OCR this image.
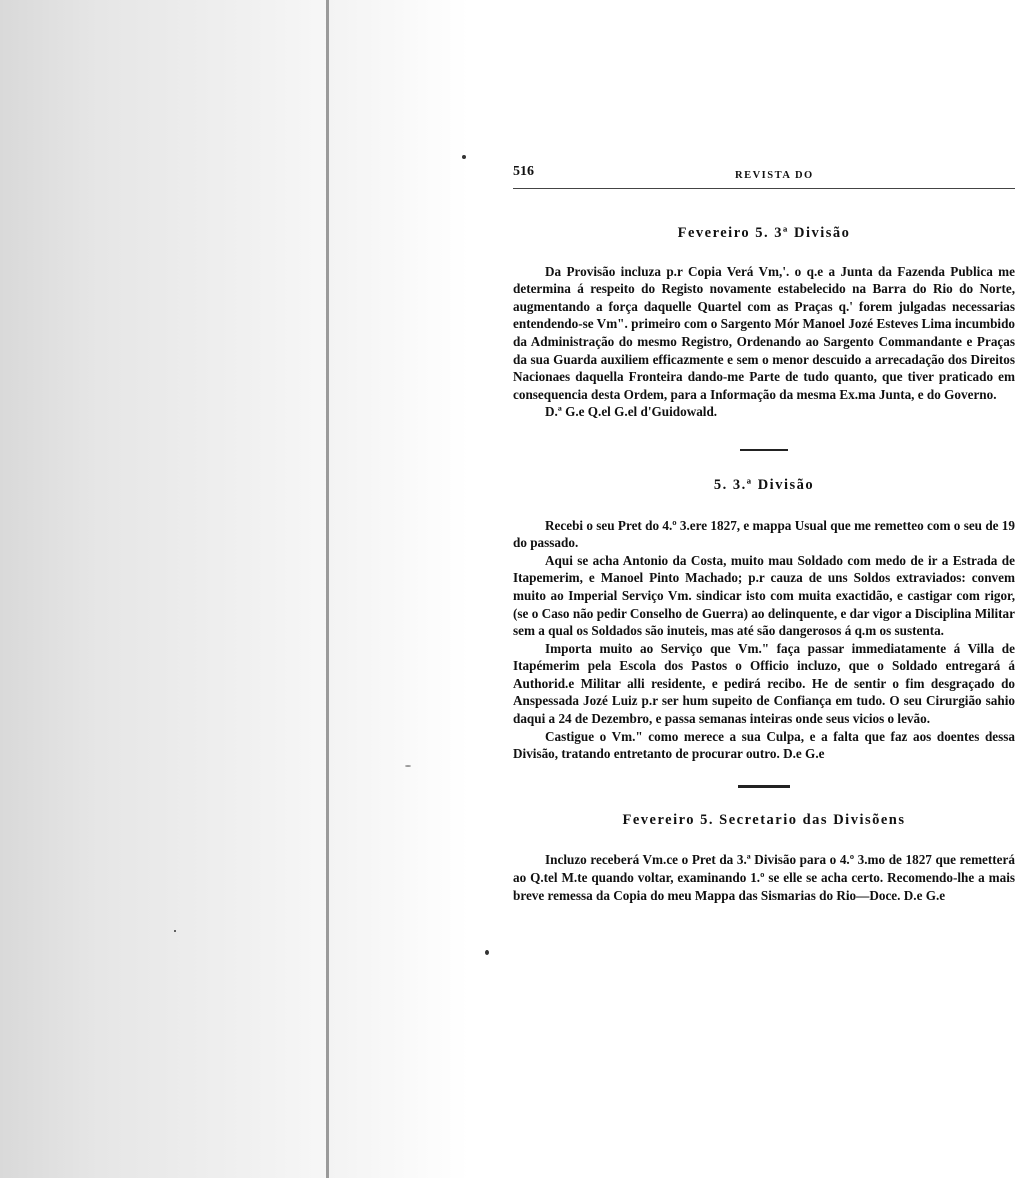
516	REVISTA DO
Fevereiro 5. 3ª Divisão

Da Provisão incluza p.r Copia Verá Vm,'. o q.e a Junta da Fazenda Publica me determina á respeito do Registo novamente estabelecido na Barra do Rio do Norte, augmentando a força daquelle Quartel com as Praças q.' forem julgadas necessarias entendendo-se Vm". primeiro com o Sargento Mór Manoel Jozé Esteves Lima incumbido da Administração do mesmo Registro, Ordenando ao Sargento Commandante e Praças da sua Guarda auxiliem efficazmente e sem o menor descuido a arrecadação dos Direitos Nacionaes daquella Fronteira dando-me Parte de tudo quanto, que tiver praticado em consequencia desta Ordem, para a Informação da mesma Ex.ma Junta, e do Governo.

D.ª G.e Q.el G.el d'Guidowald.

5. 3.ª Divisão

Recebi o seu Pret do 4.º 3.ere 1827, e mappa Usual que me remetteo com o seu de 19 do passado.

Aqui se acha Antonio da Costa, muito mau Soldado com medo de ir a Estrada de Itapemerim, e Manoel Pinto Machado; p.r cauza de uns Soldos extraviados: convem muito ao Imperial Serviço Vm. sindicar isto com muita exactidão, e castigar com rigor, (se o Caso não pedir Conselho de Guerra) ao delinquente, e dar vigor a Disciplina Militar sem a qual os Soldados são inuteis, mas até são dangerosos á q.m os sustenta.

Importa muito ao Serviço que Vm." faça passar immediatamente á Villa de Itapémerim pela Escola dos Pastos o Officio incluzo, que o Soldado entregará á Authorid.e Militar alli residente, e pedirá recibo. He de sentir o fim desgraçado do Anspessada Jozé Luiz p.r ser hum supeito de Confiança em tudo. O seu Cirurgião sahio daqui a 24 de Dezembro, e passa semanas inteiras onde seus vicios o levão.

Castigue o Vm." como merece a sua Culpa, e a falta que faz aos doentes dessa Divisão, tratando entretanto de procurar outro. D.e G.e

Fevereiro 5. Secretario das Divisõens

Incluzo receberá Vm.ce o Pret da 3.ª Divisão para o 4.º 3.mo de 1827 que remetterá ao Q.tel M.te quando voltar, examinando 1.º se elle se acha certo. Recomendo-lhe a mais breve remessa da Copia do meu Mappa das Sismarias do Rio—Doce. D.e G.e
